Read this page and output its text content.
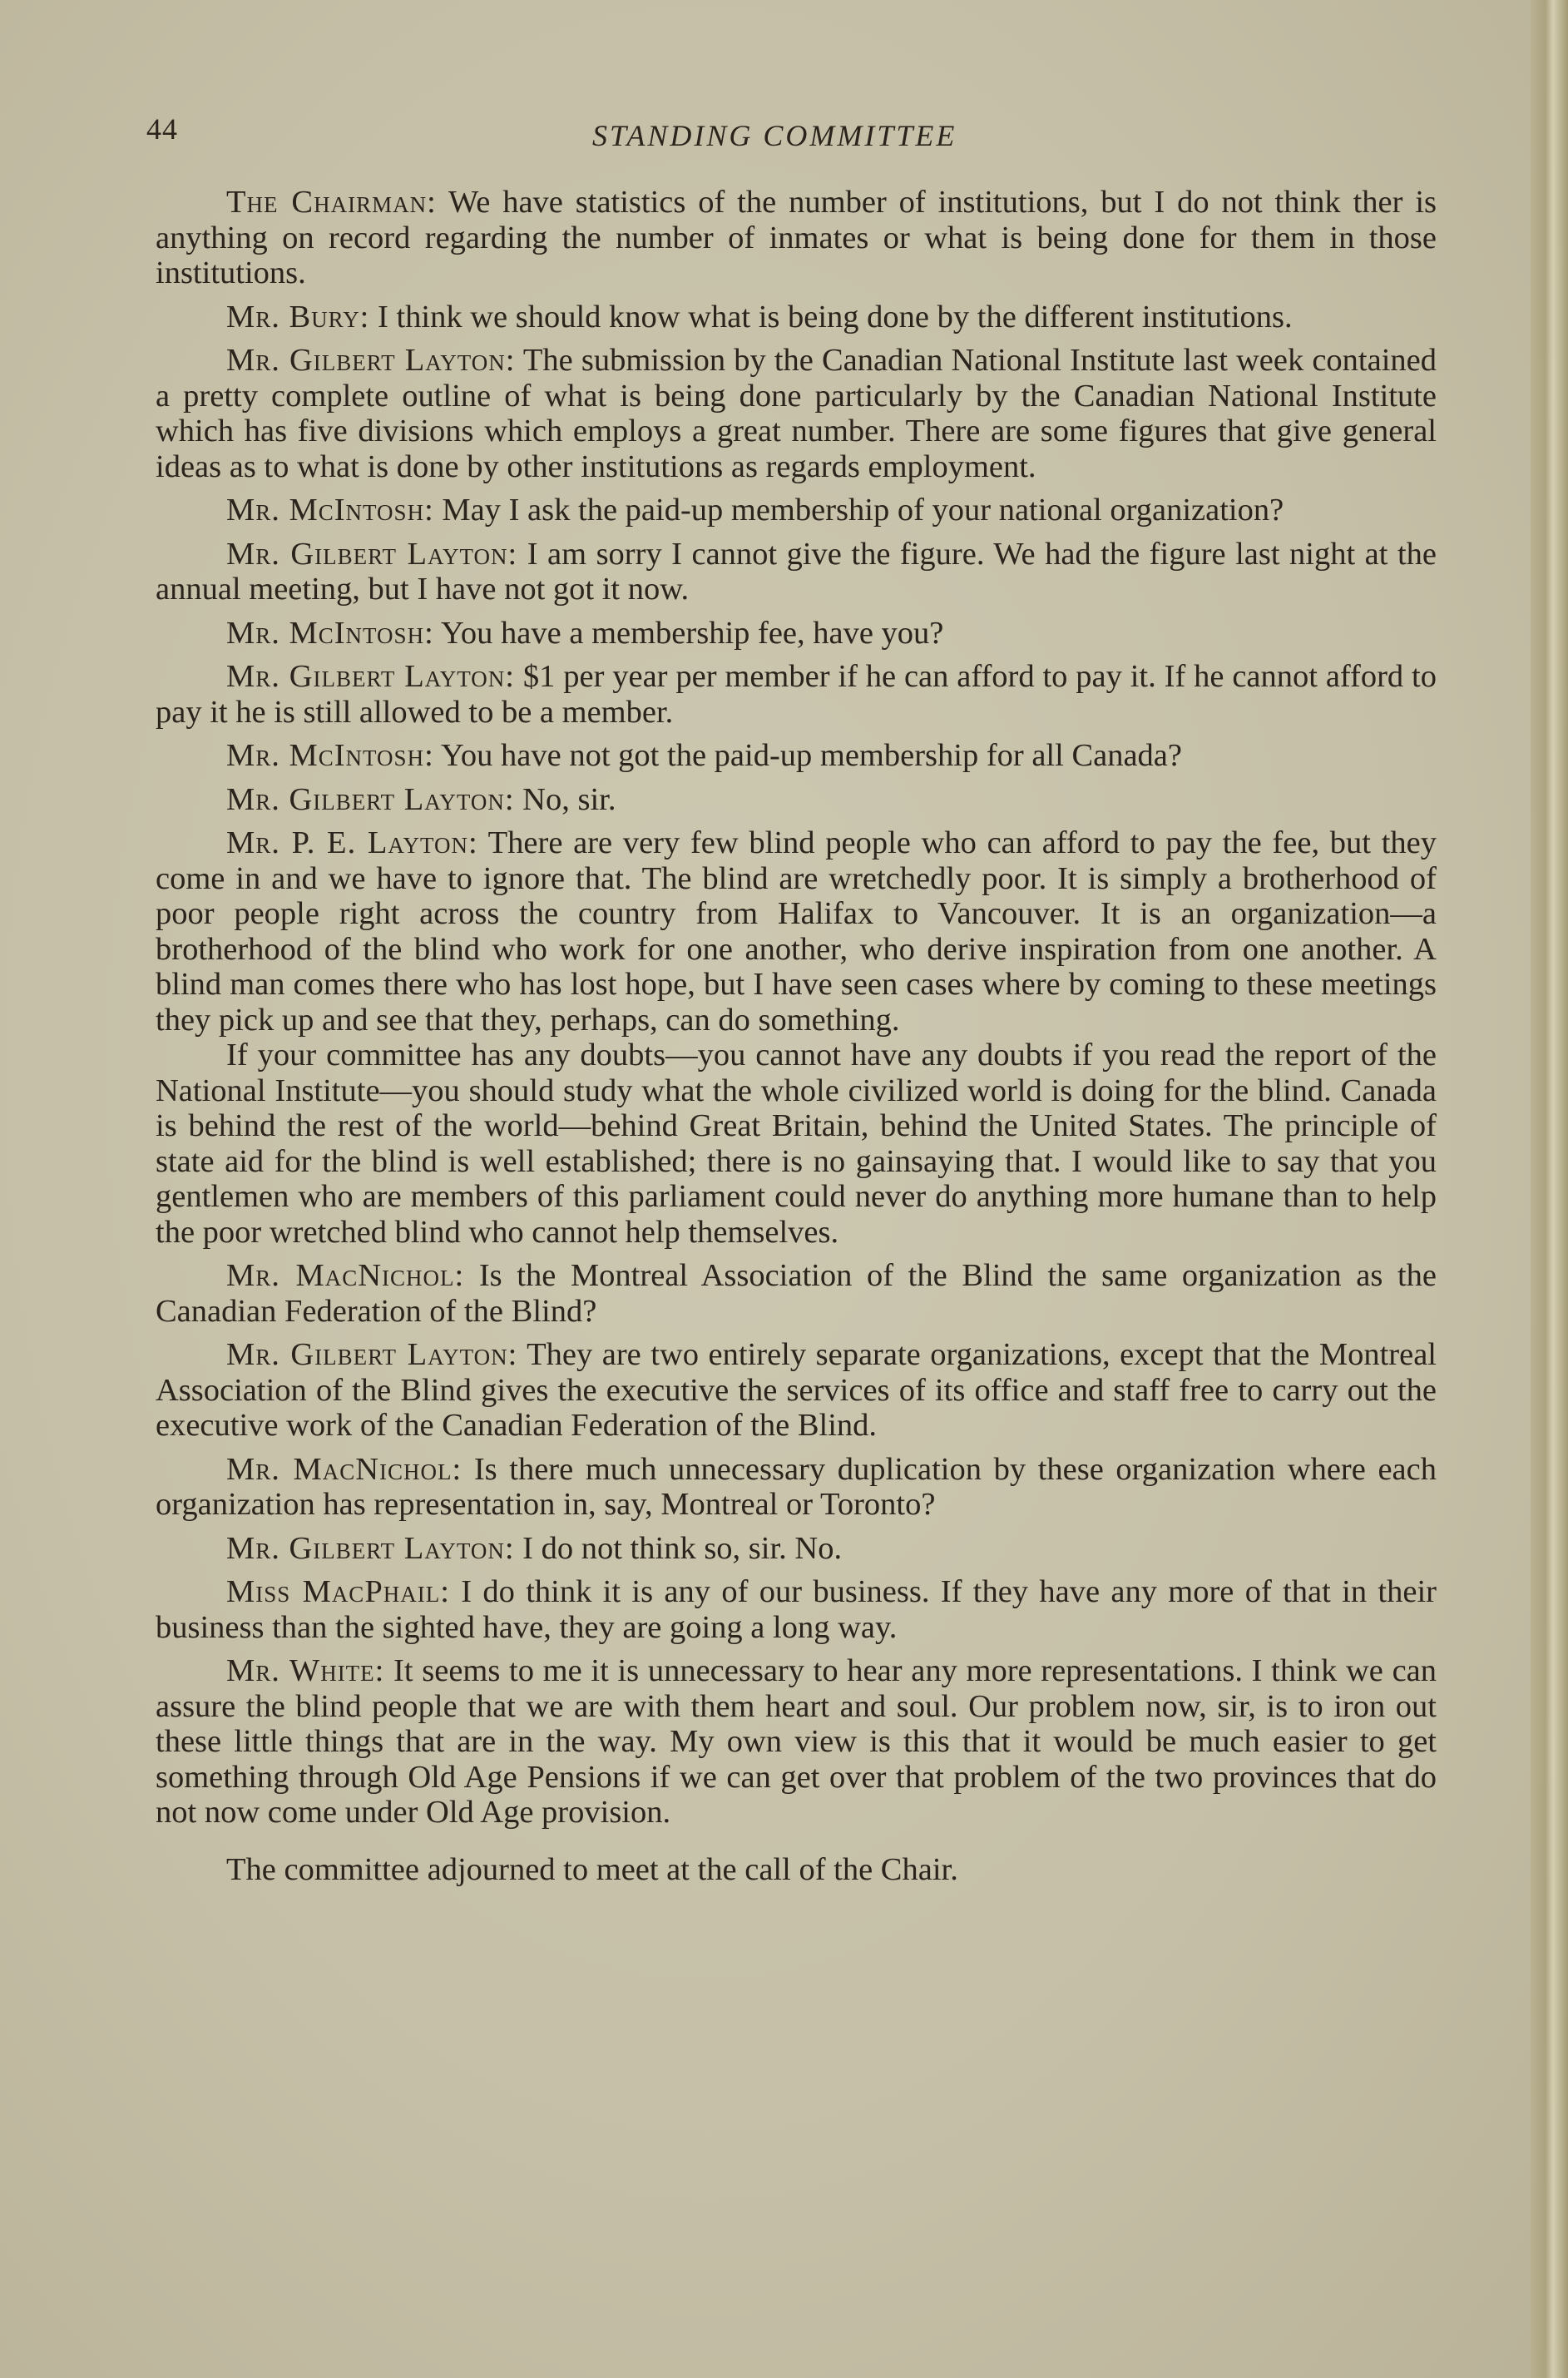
44	STANDING COMMITTEE

The Chairman: We have statistics of the number of institutions, but I do not think ther is anything on record regarding the number of inmates or what is being done for them in those institutions.

Mr. Bury: I think we should know what is being done by the different institutions.

Mr. Gilbert Layton: The submission by the Canadian National Institute last week contained a pretty complete outline of what is being done particularly by the Canadian National Institute which has five divisions which employs a great number. There are some figures that give general ideas as to what is done by other institutions as regards employment.

Mr. McIntosh: May I ask the paid-up membership of your national organization?

Mr. Gilbert Layton: I am sorry I cannot give the figure. We had the figure last night at the annual meeting, but I have not got it now.

Mr. McIntosh: You have a membership fee, have you?

Mr. Gilbert Layton: $1 per year per member if he can afford to pay it. If he cannot afford to pay it he is still allowed to be a member.

Mr. McIntosh: You have not got the paid-up membership for all Canada?

Mr. Gilbert Layton: No, sir.

Mr. P. E. Layton: There are very few blind people who can afford to pay the fee, but they come in and we have to ignore that. The blind are wretchedly poor. It is simply a brotherhood of poor people right across the country from Halifax to Vancouver. It is an organization—a brotherhood of the blind who work for one another, who derive inspiration from one another. A blind man comes there who has lost hope, but I have seen cases where by coming to these meetings they pick up and see that they, perhaps, can do something.

If your committee has any doubts—you cannot have any doubts if you read the report of the National Institute—you should study what the whole civilized world is doing for the blind. Canada is behind the rest of the world—behind Great Britain, behind the United States. The principle of state aid for the blind is well established; there is no gainsaying that. I would like to say that you gentlemen who are members of this parliament could never do anything more humane than to help the poor wretched blind who cannot help themselves.

Mr. MacNichol: Is the Montreal Association of the Blind the same organization as the Canadian Federation of the Blind?

Mr. Gilbert Layton: They are two entirely separate organizations, except that the Montreal Association of the Blind gives the executive the services of its office and staff free to carry out the executive work of the Canadian Federation of the Blind.

Mr. MacNichol: Is there much unnecessary duplication by these organization where each organization has representation in, say, Montreal or Toronto?

Mr. Gilbert Layton: I do not think so, sir. No.

Miss MacPhail: I do think it is any of our business. If they have any more of that in their business than the sighted have, they are going a long way.

Mr. White: It seems to me it is unnecessary to hear any more representations. I think we can assure the blind people that we are with them heart and soul. Our problem now, sir, is to iron out these little things that are in the way. My own view is this that it would be much easier to get something through Old Age Pensions if we can get over that problem of the two provinces that do not now come under Old Age provision.

The committee adjourned to meet at the call of the Chair.
